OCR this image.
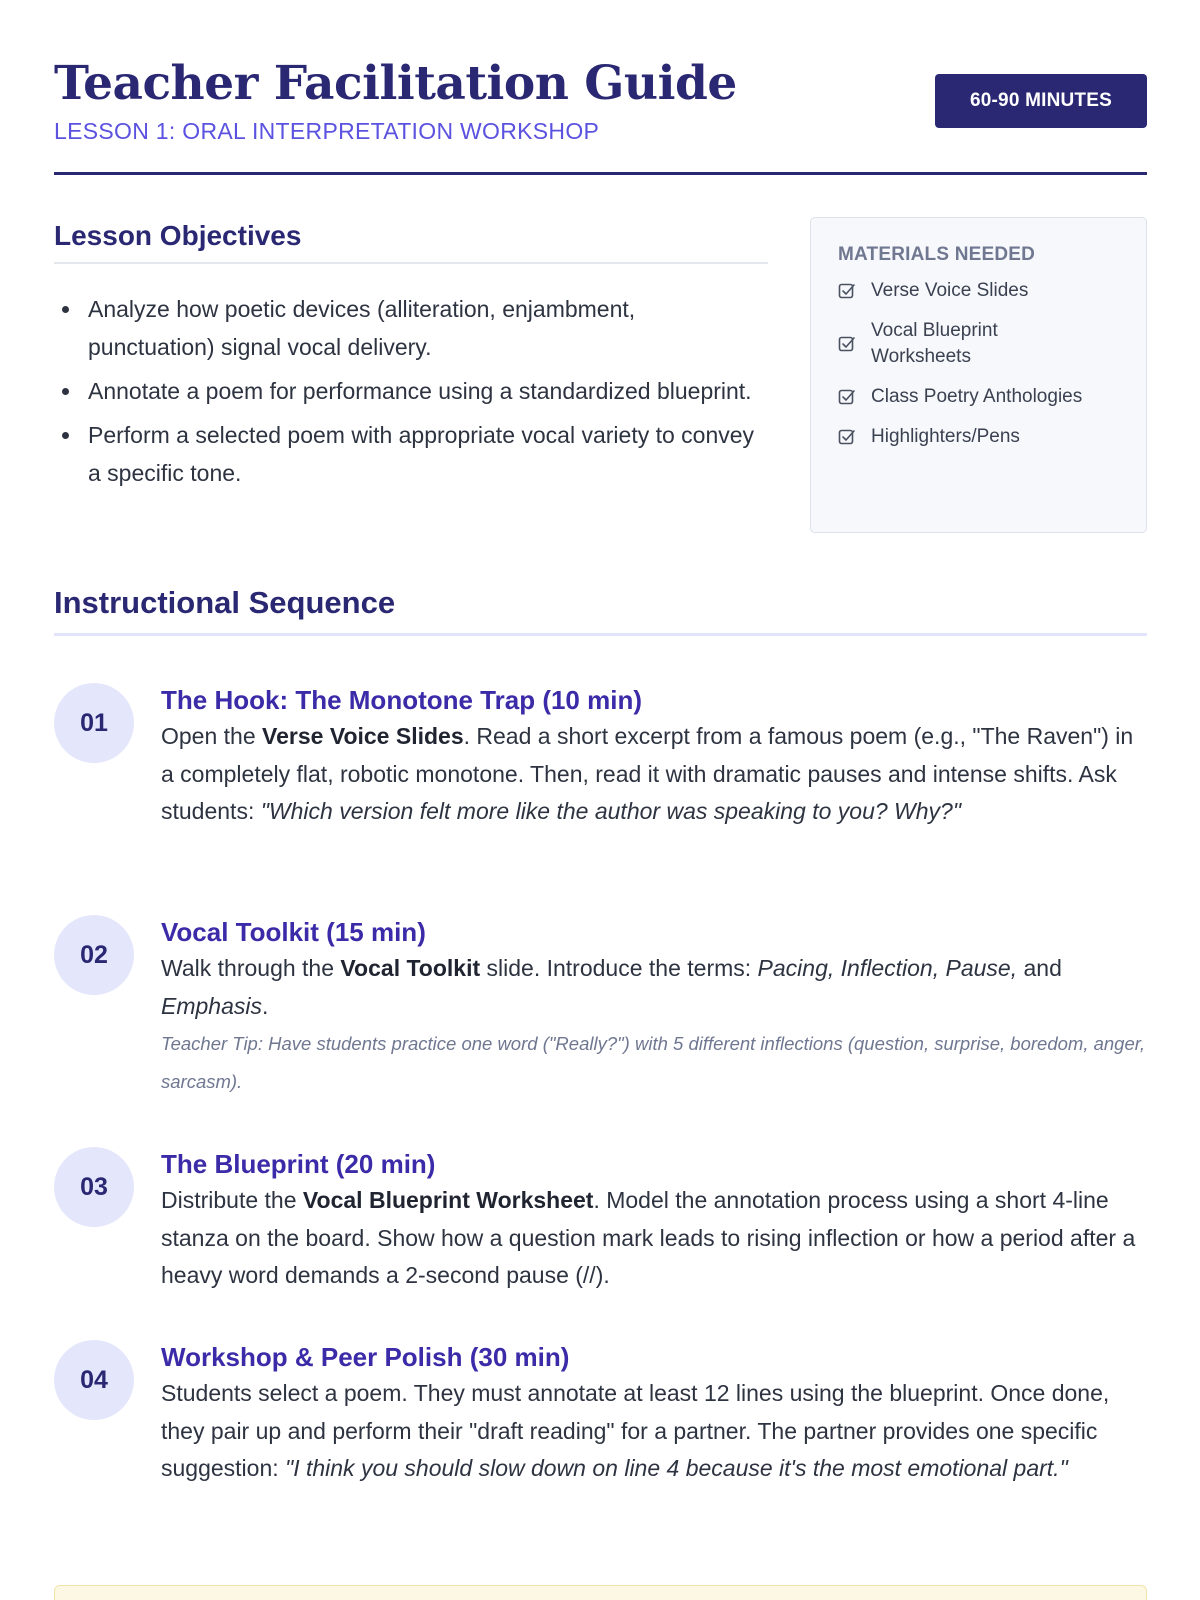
Teacher Facilitation Guide
LESSON 1: ORAL INTERPRETATION WORKSHOP
60-90 MINUTES
Lesson Objectives
Analyze how poetic devices (alliteration, enjambment, punctuation) signal vocal delivery.
Annotate a poem for performance using a standardized blueprint.
Perform a selected poem with appropriate vocal variety to convey a specific tone.
MATERIALS NEEDED
Verse Voice Slides
Vocal Blueprint Worksheets
Class Poetry Anthologies
Highlighters/Pens
Instructional Sequence
01
The Hook: The Monotone Trap (10 min)
Open the Verse Voice Slides. Read a short excerpt from a famous poem (e.g., "The Raven") in a completely flat, robotic monotone. Then, read it with dramatic pauses and intense shifts. Ask students: "Which version felt more like the author was speaking to you? Why?"
02
Vocal Toolkit (15 min)
Walk through the Vocal Toolkit slide. Introduce the terms: Pacing, Inflection, Pause, and Emphasis.
Teacher Tip: Have students practice one word ("Really?") with 5 different inflections (question, surprise, boredom, anger, sarcasm).
03
The Blueprint (20 min)
Distribute the Vocal Blueprint Worksheet. Model the annotation process using a short 4-line stanza on the board. Show how a question mark leads to rising inflection or how a period after a heavy word demands a 2-second pause (//).
04
Workshop & Peer Polish (30 min)
Students select a poem. They must annotate at least 12 lines using the blueprint. Once done, they pair up and perform their "draft reading" for a partner. The partner provides one specific suggestion: "I think you should slow down on line 4 because it's the most emotional part."
